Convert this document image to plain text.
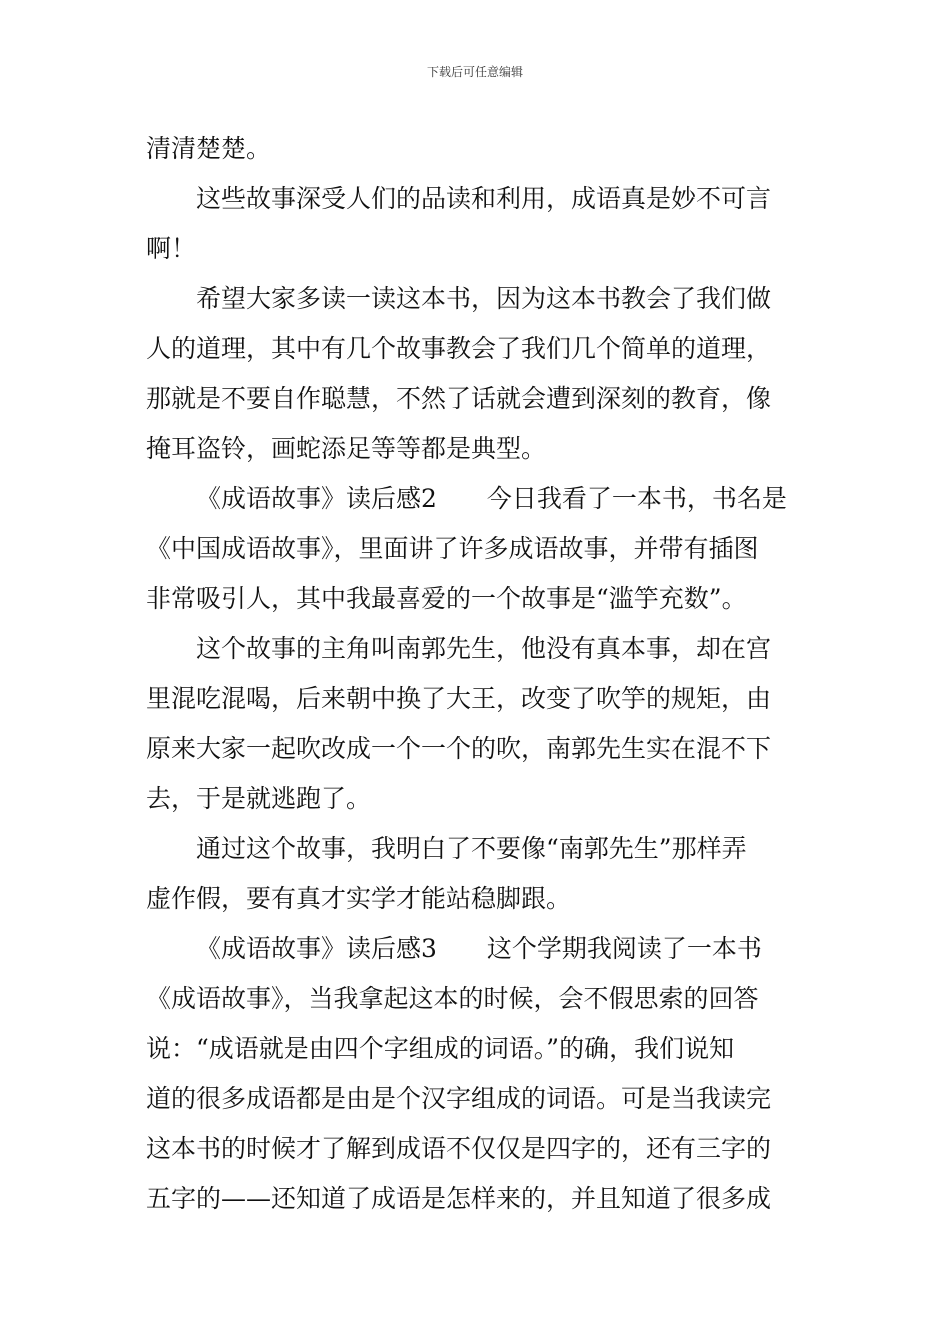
下载后可任意编辑
清清楚楚。
这些故事深受人们的品读和利用，成语真是妙不可言
啊！
希望大家多读一读这本书，因为这本书教会了我们做
人的道理，其中有几个故事教会了我们几个简单的道理，
那就是不要自作聪慧，不然了话就会遭到深刻的教育，像
掩耳盗铃，画蛇添足等等都是典型。
《成语故事》读后感2　　今日我看了一本书，书名是
《中国成语故事》，里面讲了许多成语故事，并带有插图
非常吸引人，其中我最喜爱的一个故事是“滥竽充数”。
这个故事的主角叫南郭先生，他没有真本事，却在宫
里混吃混喝，后来朝中换了大王，改变了吹竽的规矩，由
原来大家一起吹改成一个一个的吹，南郭先生实在混不下
去，于是就逃跑了。
通过这个故事，我明白了不要像“南郭先生”那样弄
虚作假，要有真才实学才能站稳脚跟。
《成语故事》读后感3　　这个学期我阅读了一本书
《成语故事》，当我拿起这本的时候，会不假思索的回答
说：“成语就是由四个字组成的词语。”的确，我们说知
道的很多成语都是由是个汉字组成的词语。可是当我读完
这本书的时候才了解到成语不仅仅是四字的，还有三字的
五字的——还知道了成语是怎样来的，并且知道了很多成
